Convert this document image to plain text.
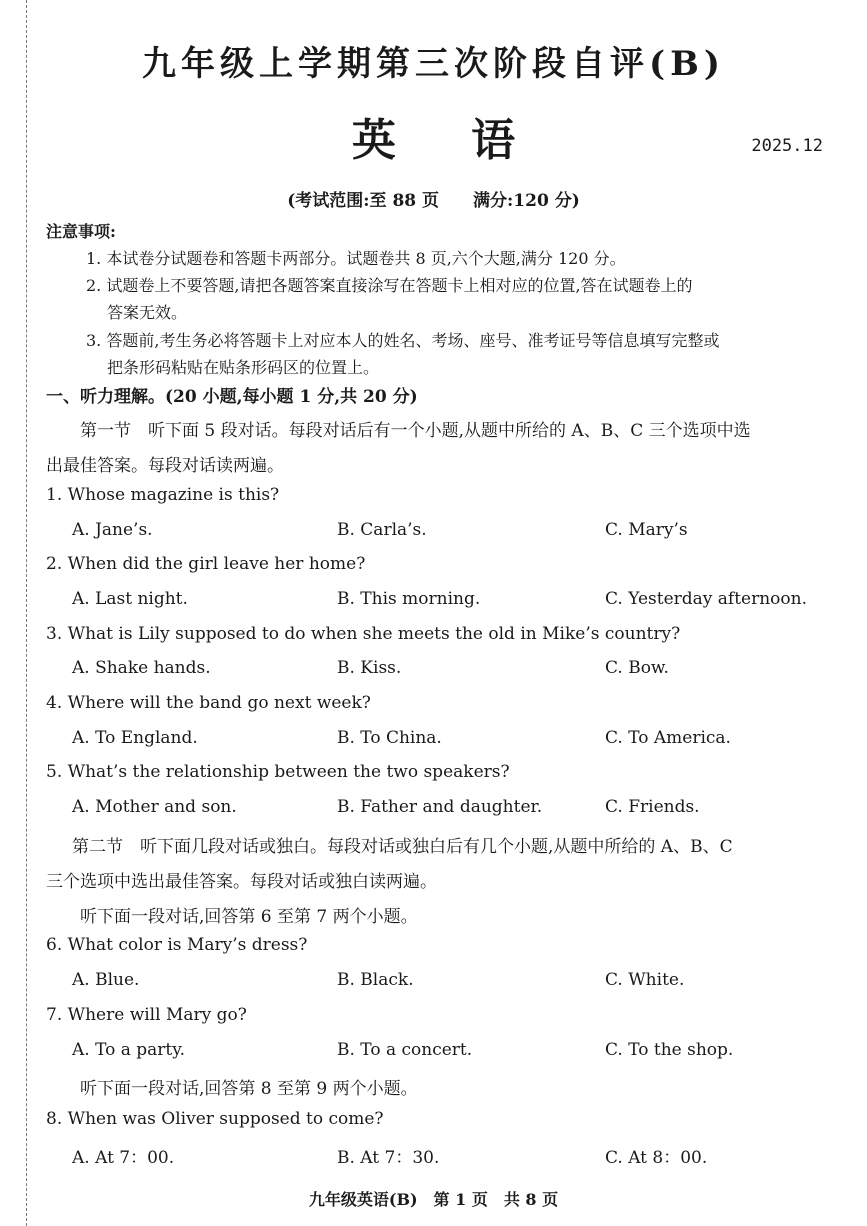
九年级上学期第三次阶段自评(B)
英 语	2025.12
(考试范围:至 88 页　　满分:120 分)
注意事项:
1. 本试卷分试题卷和答题卡两部分。试题卷共 8 页,六个大题,满分 120 分。
2. 试题卷上不要答题,请把各题答案直接涂写在答题卡上相对应的位置,答在试题卷上的
答案无效。
3. 答题前,考生务必将答题卡上对应本人的姓名、考场、座号、准考证号等信息填写完整或
把条形码粘贴在贴条形码区的位置上。
一、听力理解。(20 小题,每小题 1 分,共 20 分)
第一节　听下面 5 段对话。每段对话后有一个小题,从题中所给的 A、B、C 三个选项中选
出最佳答案。每段对话读两遍。
1. Whose magazine is this?
A. Jane’s.	B. Carla’s.	C. Mary’s
2. When did the girl leave her home?
A. Last night.	B. This morning.	C. Yesterday afternoon.
3. What is Lily supposed to do when she meets the old in Mike’s country?
A. Shake hands.	B. Kiss.	C. Bow.
4. Where will the band go next week?
A. To England.	B. To China.	C. To America.
5. What’s the relationship between the two speakers?
A. Mother and son.	B. Father and daughter.	C. Friends.
第二节　听下面几段对话或独白。每段对话或独白后有几个小题,从题中所给的 A、B、C
三个选项中选出最佳答案。每段对话或独白读两遍。
听下面一段对话,回答第 6 至第 7 两个小题。
6. What color is Mary’s dress?
A. Blue.	B. Black.	C. White.
7. Where will Mary go?
A. To a party.	B. To a concert.	C. To the shop.
听下面一段对话,回答第 8 至第 9 两个小题。
8. When was Oliver supposed to come?
A. At 7：00.	B. At 7：30.	C. At 8：00.
九年级英语(B)　第 1 页　共 8 页
